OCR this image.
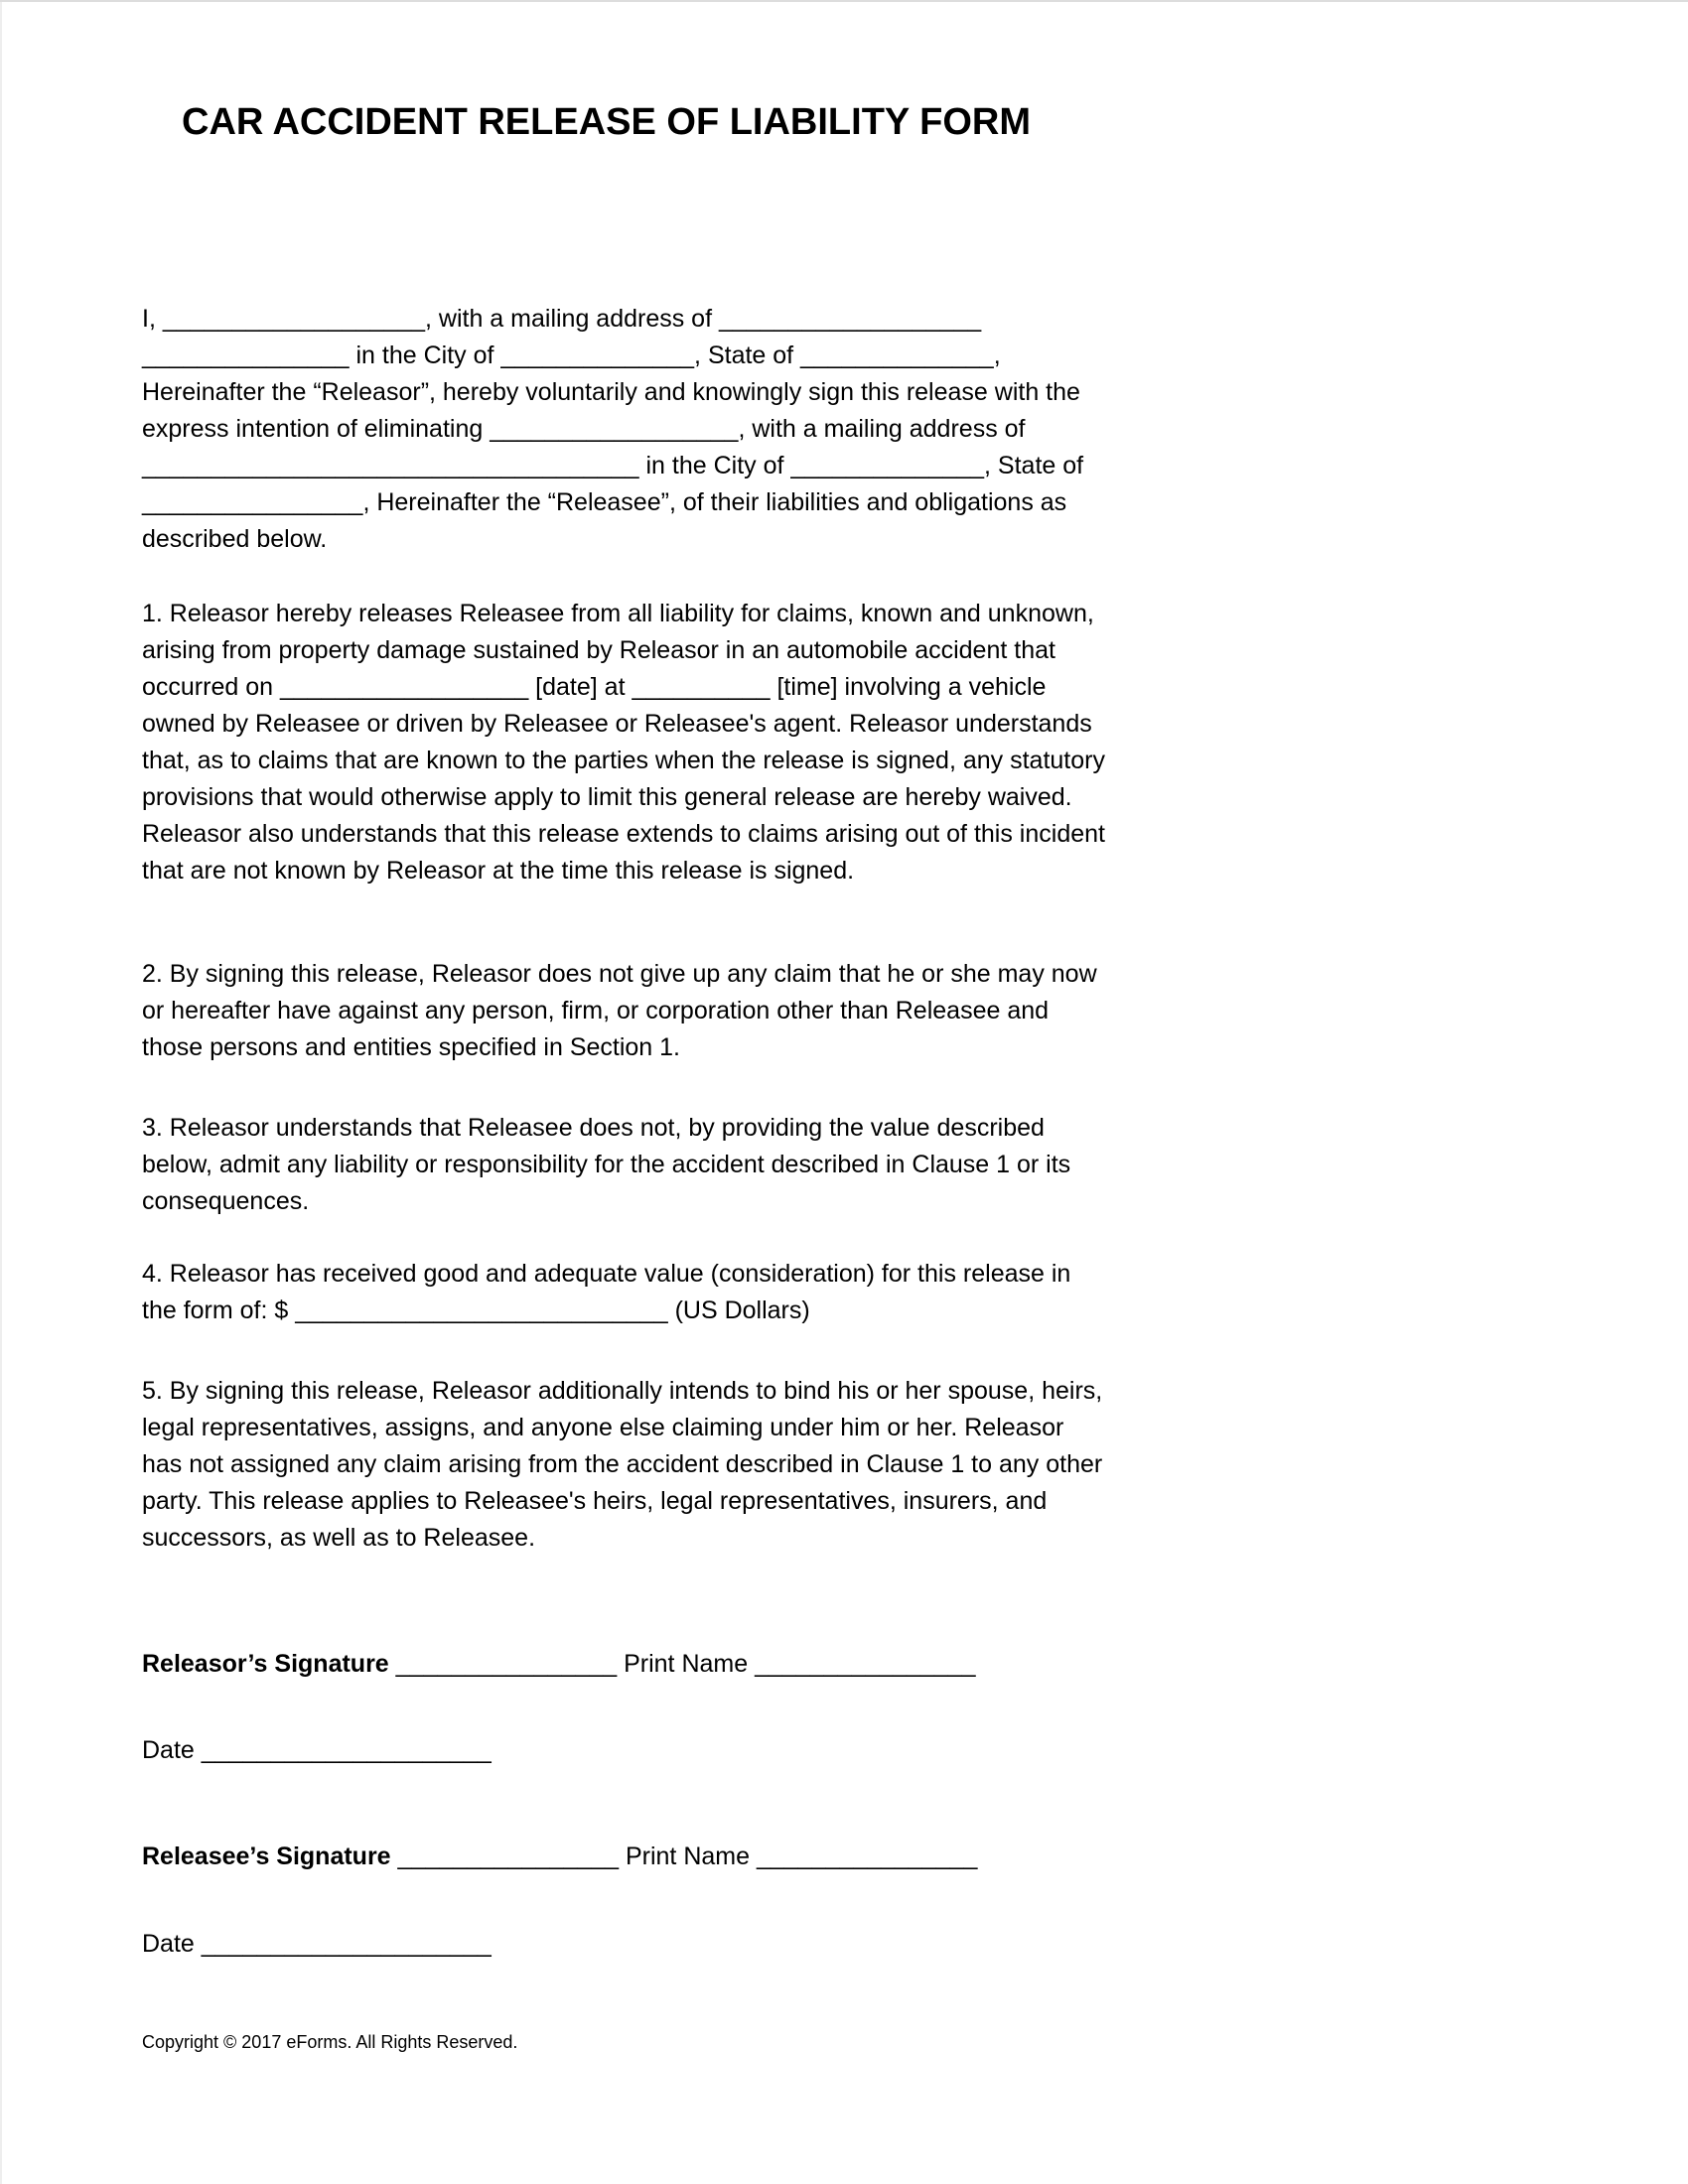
CAR ACCIDENT RELEASE OF LIABILITY FORM
I, ___________________, with a mailing address of ___________________
_______________ in the City of ______________, State of ______________,
Hereinafter the “Releasor”, hereby voluntarily and knowingly sign this release with the
express intention of eliminating __________________, with a mailing address of
____________________________________ in the City of ______________, State of
________________, Hereinafter the “Releasee”, of their liabilities and obligations as
described below.
1. Releasor hereby releases Releasee from all liability for claims, known and unknown,
arising from property damage sustained by Releasor in an automobile accident that
occurred on __________________ [date] at __________ [time] involving a vehicle
owned by Releasee or driven by Releasee or Releasee's agent. Releasor understands
that, as to claims that are known to the parties when the release is signed, any statutory
provisions that would otherwise apply to limit this general release are hereby waived.
Releasor also understands that this release extends to claims arising out of this incident
that are not known by Releasor at the time this release is signed.
2. By signing this release, Releasor does not give up any claim that he or she may now
or hereafter have against any person, firm, or corporation other than Releasee and
those persons and entities specified in Section 1.
3. Releasor understands that Releasee does not, by providing the value described
below, admit any liability or responsibility for the accident described in Clause 1 or its
consequences.
4. Releasor has received good and adequate value (consideration) for this release in
the form of: $ ___________________________ (US Dollars)
5. By signing this release, Releasor additionally intends to bind his or her spouse, heirs,
legal representatives, assigns, and anyone else claiming under him or her. Releasor
has not assigned any claim arising from the accident described in Clause 1 to any other
party. This release applies to Releasee's heirs, legal representatives, insurers, and
successors, as well as to Releasee.
Releasor’s Signature ________________ Print Name ________________
Date _____________________
Releasee’s Signature ________________ Print Name ________________
Date _____________________
Copyright © 2017 eForms. All Rights Reserved.
